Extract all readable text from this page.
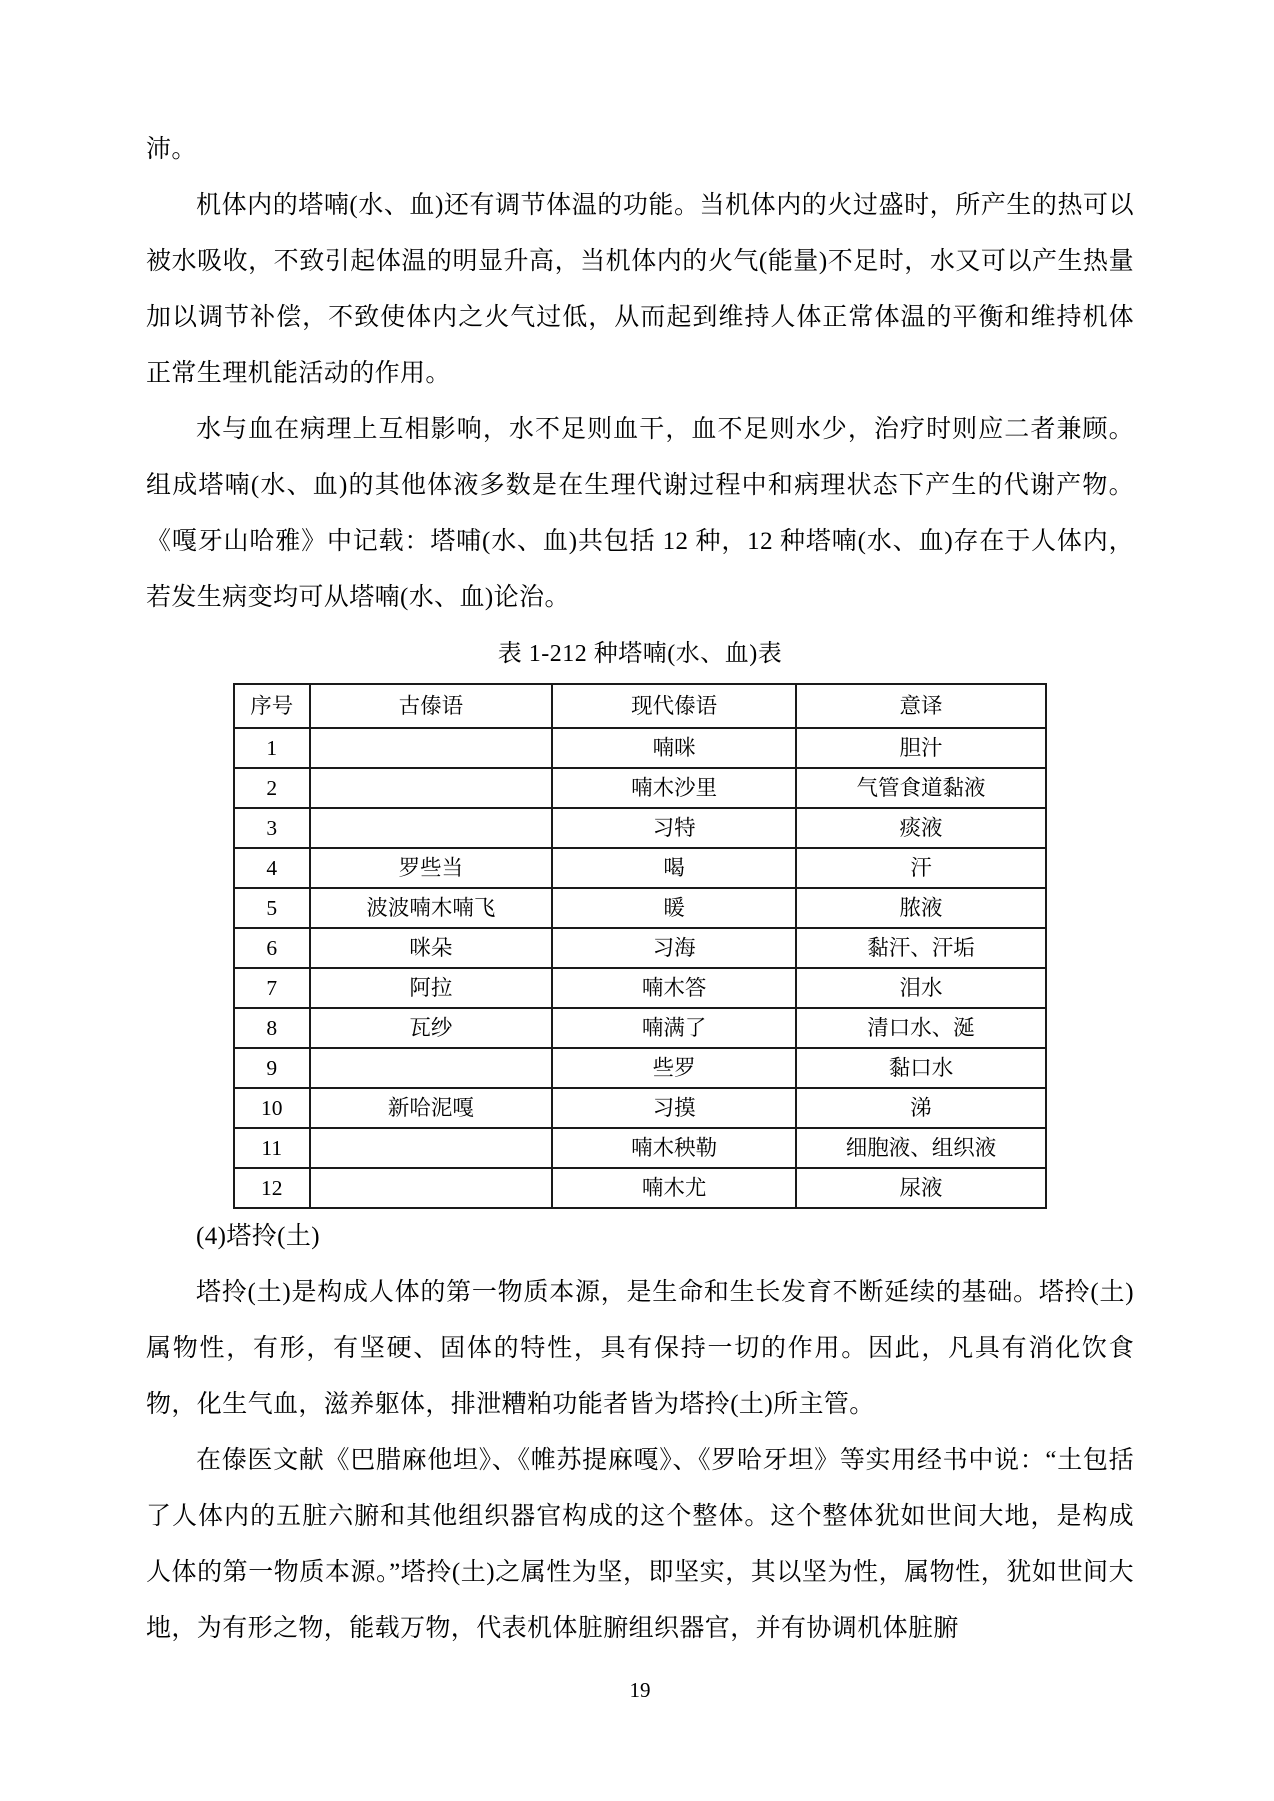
沛。

机体内的塔喃(水、血)还有调节体温的功能。当机体内的火过盛时，所产生的热可以被水吸收，不致引起体温的明显升高，当机体内的火气(能量)不足时，水又可以产生热量加以调节补偿，不致使体内之火气过低，从而起到维持人体正常体温的平衡和维持机体正常生理机能活动的作用。

水与血在病理上互相影响，水不足则血干，血不足则水少，治疗时则应二者兼顾。组成塔喃(水、血)的其他体液多数是在生理代谢过程中和病理状态下产生的代谢产物。《嘎牙山哈雅》中记载：塔哺(水、血)共包括 12 种，12 种塔喃(水、血)存在于人体内，若发生病变均可从塔喃(水、血)论治。

表 1-212 种塔喃(水、血)表
序号	古傣语	现代傣语	意译
1		喃咪	胆汁
2		喃木沙里	气管食道黏液
3		习特	痰液
4	罗些当	喝	汗
5	波波喃木喃飞	暖	脓液
6	咪朵	习海	黏汗、汗垢
7	阿拉	喃木答	泪水
8	瓦纱	喃满了	清口水、涎
9		些罗	黏口水
10	新哈泥嘎	习摸	涕
11		喃木秧勒	细胞液、组织液
12		喃木尤	尿液

(4)塔拎(土)

塔拎(土)是构成人体的第一物质本源，是生命和生长发育不断延续的基础。塔拎(土)属物性，有形，有坚硬、固体的特性，具有保持一切的作用。因此，凡具有消化饮食物，化生气血，滋养躯体，排泄糟粕功能者皆为塔拎(土)所主管。

在傣医文献《巴腊麻他坦》、《帷苏提麻嘎》、《罗哈牙坦》等实用经书中说：“土包括了人体内的五脏六腑和其他组织器官构成的这个整体。这个整体犹如世间大地，是构成人体的第一物质本源。”塔拎(土)之属性为坚，即坚实，其以坚为性，属物性，犹如世间大地，为有形之物，能载万物，代表机体脏腑组织器官，并有协调机体脏腑

19
